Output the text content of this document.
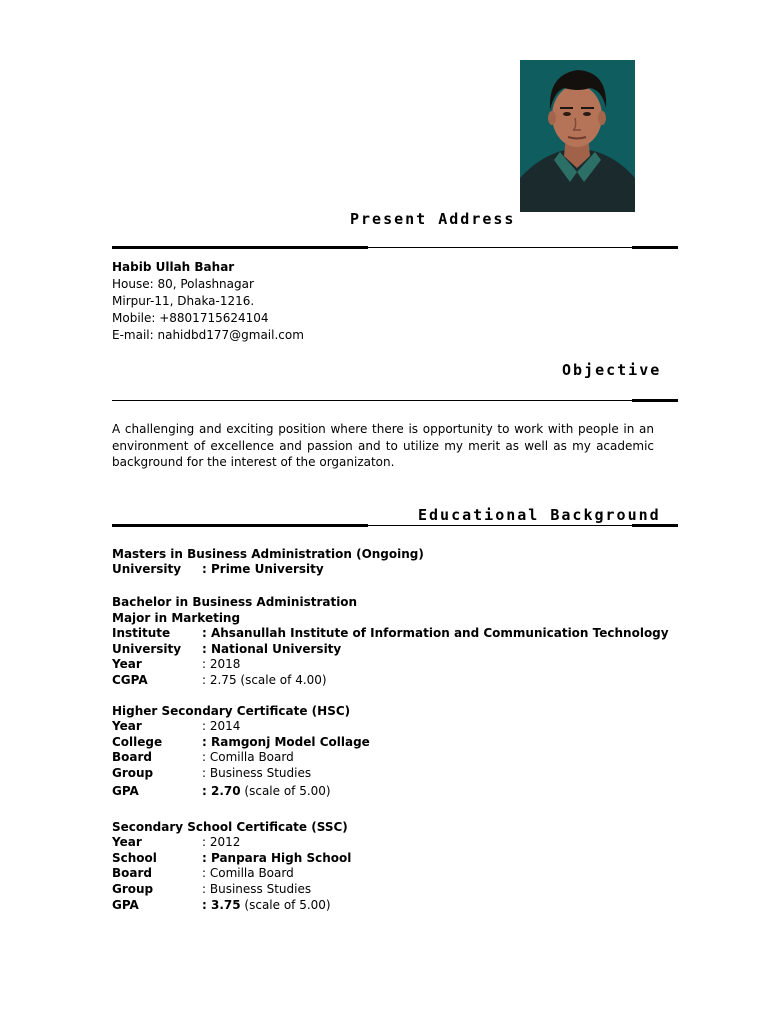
Present Address
Habib Ullah Bahar
House: 80, Polashnagar
Mirpur-11, Dhaka-1216.
Mobile: +8801715624104
E-mail: nahidbd177@gmail.com
Objective

A challenging and exciting position where there is opportunity to work with people in an environment of excellence and passion and to utilize my merit as well as my academic background for the interest of the organizaton.

Educational Background
Masters in Business Administration (Ongoing)
University	: Prime University
Bachelor in Business Administration
Major in Marketing
Institute	: Ahsanullah Institute of Information and Communication Technology
University	: National University
Year	: 2018
CGPA	: 2.75 (scale of 4.00)
Higher Secondary Certificate (HSC)
Year	: 2014
College	: Ramgonj Model Collage
Board	: Comilla Board
Group	: Business Studies
GPA	: 2.70 (scale of 5.00)
Secondary School Certificate (SSC)
Year	: 2012
School	: Panpara High School
Board	: Comilla Board
Group	: Business Studies
GPA	: 3.75 (scale of 5.00)
